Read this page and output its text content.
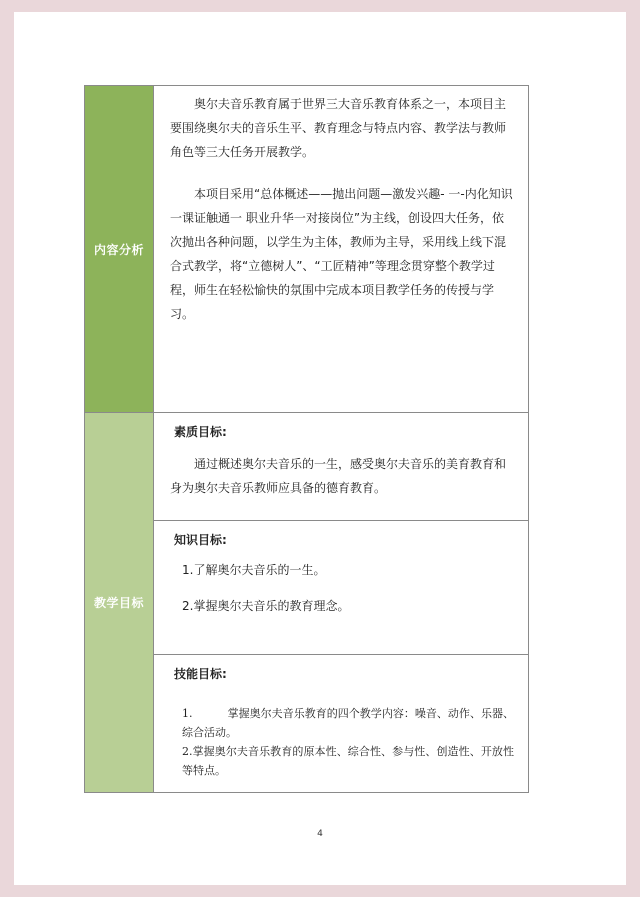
内容分析

奥尔夫音乐教育属于世界三大音乐教育体系之一，本项目主要围绕奥尔夫的音乐生平、教育理念与特点内容、教学法与教师角色等三大任务开展教学。

本项目采用“总体概述——抛出问题—激发兴趣- 一-内化知识一课证触通一 职业升华一对接岗位”为主线，创设四大任务，依次抛出各种问题，以学生为主体，教师为主导，采用线上线下混合式教学，将“立德树人”、“工匠精神”等理念贯穿整个教学过程，师生在轻松愉快的氛围中完成本项目教学任务的传授与学习。

教学目标
素质目标:

通过概述奥尔夫音乐的一生，感受奥尔夫音乐的美育教育和身为奥尔夫音乐教师应具备的德育教育。

知识目标:
1.了解奥尔夫音乐的一生。
2.掌握奥尔夫音乐的教育理念。
技能目标:

1.          掌握奥尔夫音乐教育的四个教学内容：噪音、动作、乐器、综合活动。

2.掌握奥尔夫音乐教育的原本性、综合性、参与性、创造性、开放性等特点。

4
